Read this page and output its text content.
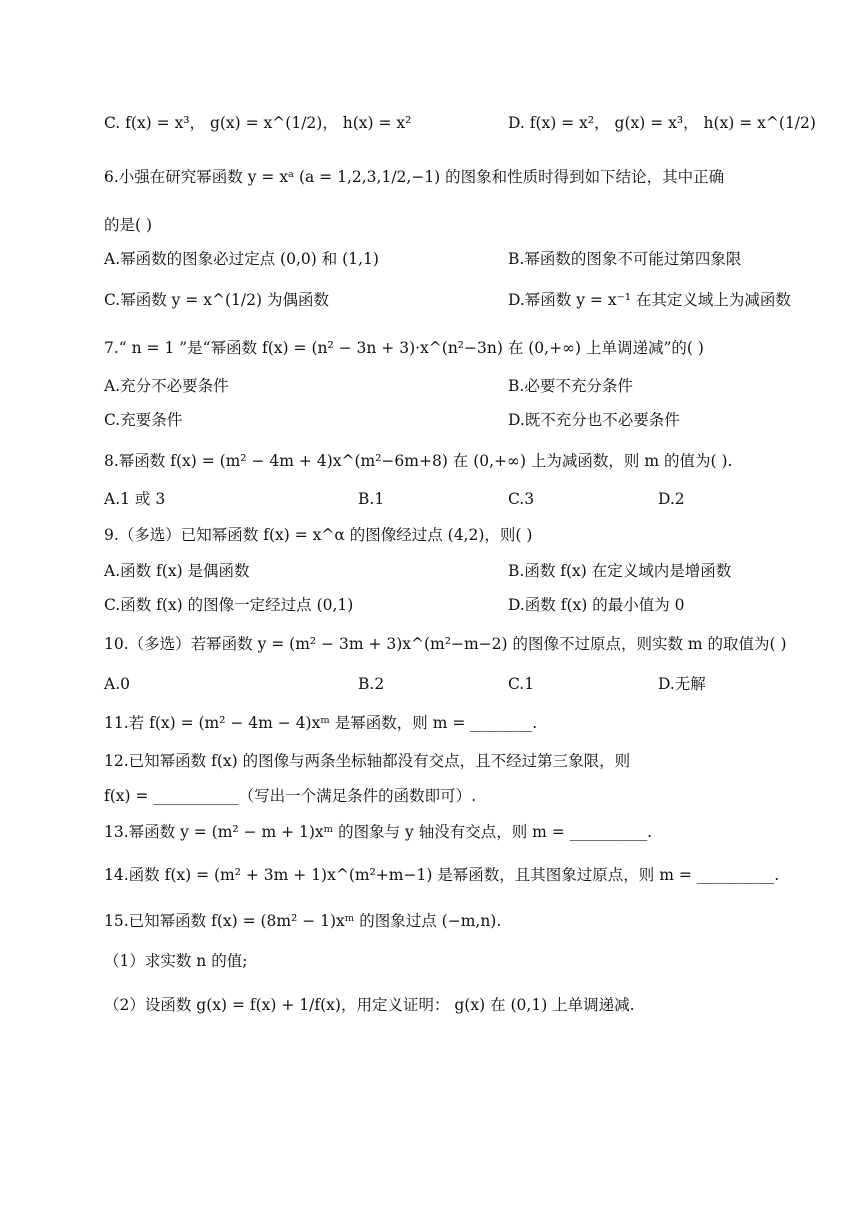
C. f(x) = x³， g(x) = x^(1/2)， h(x) = x²	D. f(x) = x²， g(x) = x³， h(x) = x^(1/2)
6.小强在研究幂函数 y = xᵃ (a = 1,2,3,1/2,−1) 的图象和性质时得到如下结论，其中正确
的是( )
A.幂函数的图象必过定点 (0,0) 和 (1,1)	B.幂函数的图象不可能过第四象限
C.幂函数 y = x^(1/2) 为偶函数	D.幂函数 y = x⁻¹ 在其定义域上为减函数
7.“ n = 1 ”是“幂函数 f(x) = (n² − 3n + 3)·x^(n²−3n) 在 (0,+∞) 上单调递减”的( )
A.充分不必要条件	B.必要不充分条件
C.充要条件	D.既不充分也不必要条件
8.幂函数 f(x) = (m² − 4m + 4)x^(m²−6m+8) 在 (0,+∞) 上为减函数，则 m 的值为( ).
A.1 或 3	B.1	C.3	D.2
9.（多选）已知幂函数 f(x) = x^α 的图像经过点 (4,2)，则( )
A.函数 f(x) 是偶函数	B.函数 f(x) 在定义域内是增函数
C.函数 f(x) 的图像一定经过点 (0,1)	D.函数 f(x) 的最小值为 0
10.（多选）若幂函数 y = (m² − 3m + 3)x^(m²−m−2) 的图像不过原点，则实数 m 的取值为( )
A.0	B.2	C.1	D.无解
11.若 f(x) = (m² − 4m − 4)xᵐ 是幂函数，则 m = ________.
12.已知幂函数 f(x) 的图像与两条坐标轴都没有交点，且不经过第三象限，则
f(x) = ___________（写出一个满足条件的函数即可）.
13.幂函数 y = (m² − m + 1)xᵐ 的图象与 y 轴没有交点，则 m = __________.
14.函数 f(x) = (m² + 3m + 1)x^(m²+m−1) 是幂函数，且其图象过原点，则 m = __________.
15.已知幂函数 f(x) = (8m² − 1)xᵐ 的图象过点 (−m,n).
（1）求实数 n 的值;
（2）设函数 g(x) = f(x) + 1/f(x)，用定义证明： g(x) 在 (0,1) 上单调递减.
